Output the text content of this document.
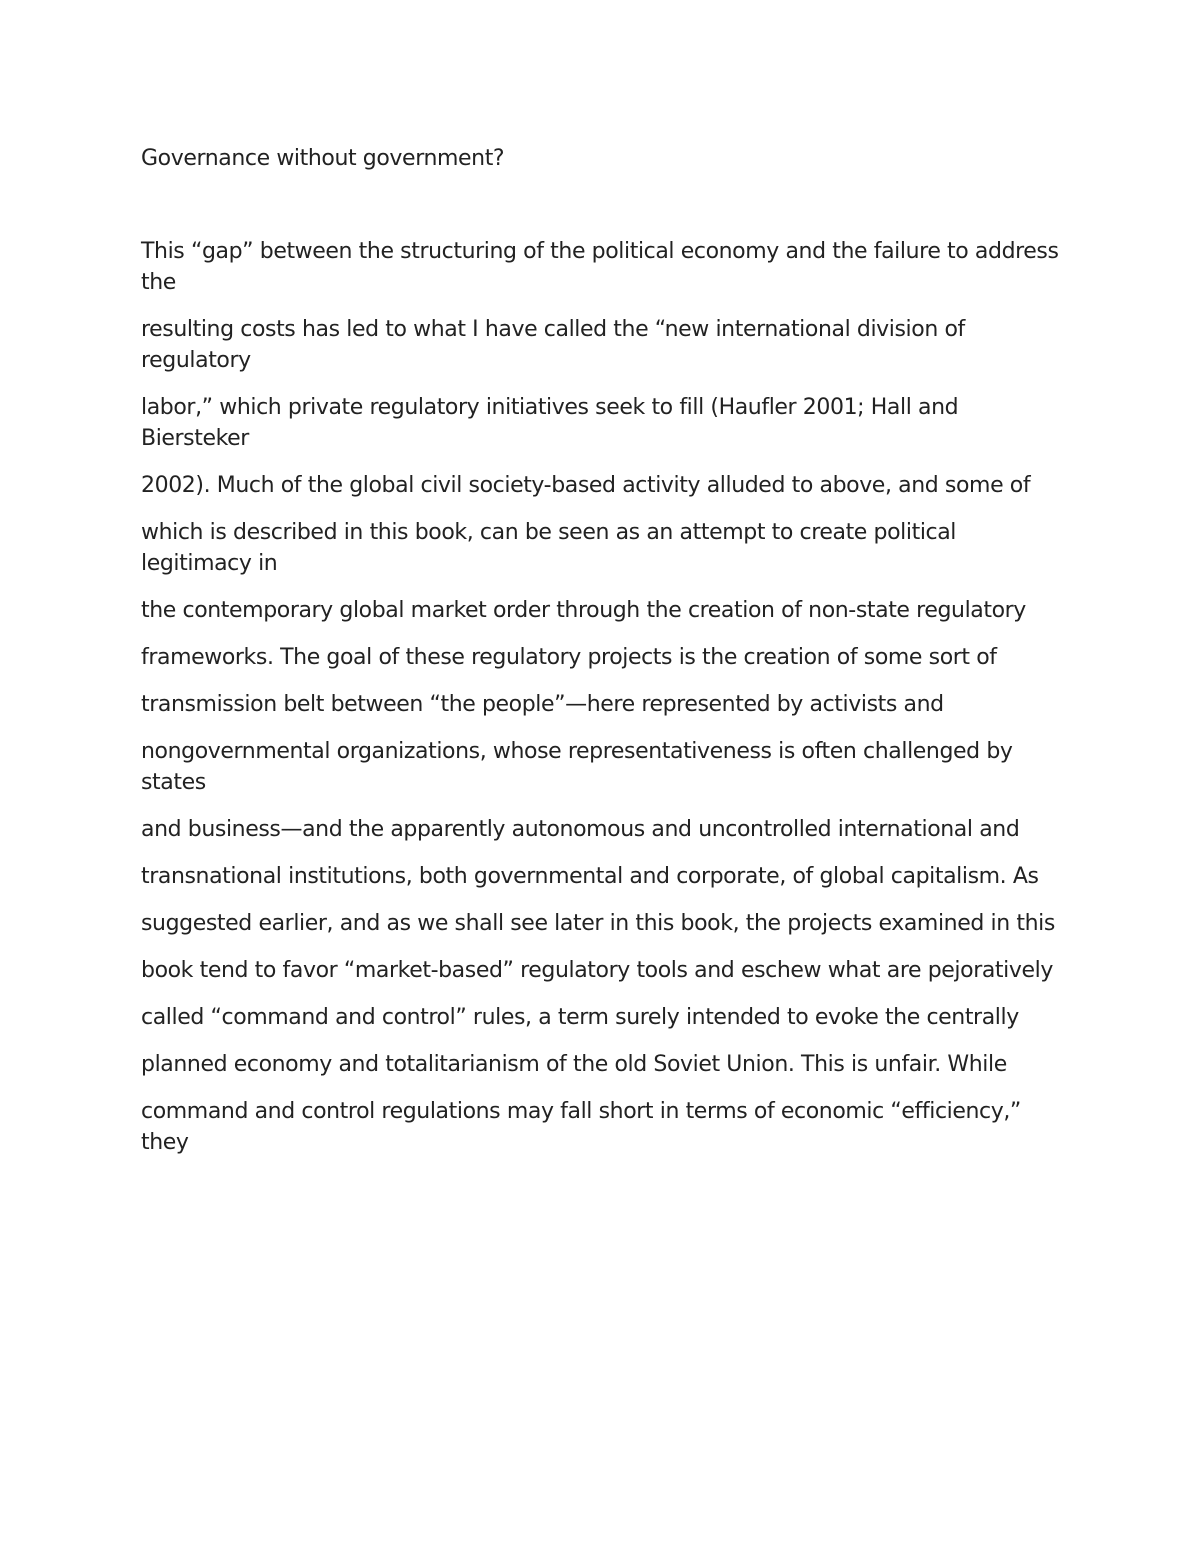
Governance without government?

This “gap” between the structuring of the political economy and the failure to address the

resulting costs has led to what I have called the “new international division of regulatory

labor,” which private regulatory initiatives seek to fill (Haufler 2001; Hall and Biersteker

2002). Much of the global civil society-based activity alluded to above, and some of

which is described in this book, can be seen as an attempt to create political legitimacy in

the contemporary global market order through the creation of non-state regulatory

frameworks. The goal of these regulatory projects is the creation of some sort of

transmission belt between “the people”—here represented by activists and

nongovernmental organizations, whose representativeness is often challenged by states

and business—and the apparently autonomous and uncontrolled international and

transnational institutions, both governmental and corporate, of global capitalism. As

suggested earlier, and as we shall see later in this book, the projects examined in this

book tend to favor “market-based” regulatory tools and eschew what are pejoratively

called “command and control” rules, a term surely intended to evoke the centrally

planned economy and totalitarianism of the old Soviet Union. This is unfair. While

command and control regulations may fall short in terms of economic “efficiency,” they
